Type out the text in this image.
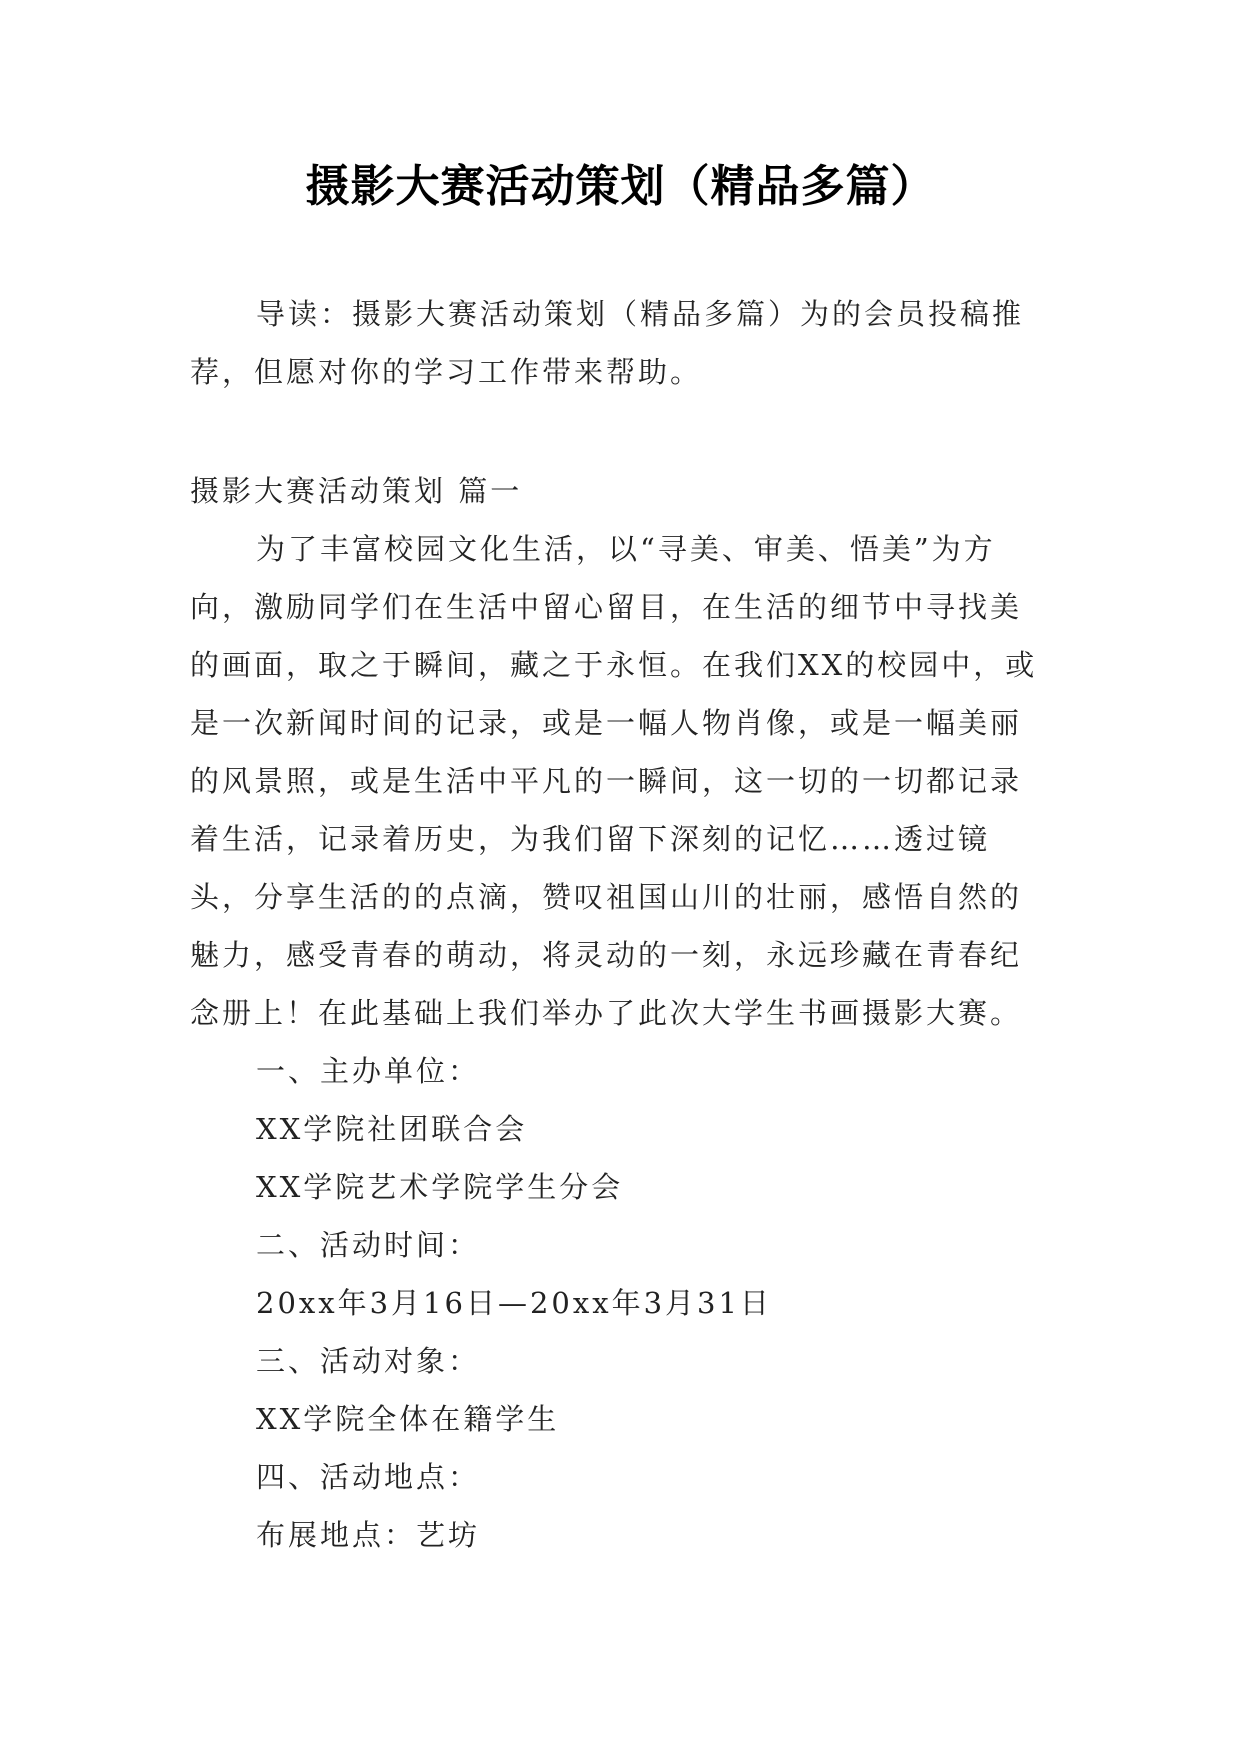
摄影大赛活动策划（精品多篇）

导读：摄影大赛活动策划（精品多篇）为的会员投稿推荐，但愿对你的学习工作带来帮助。

摄影大赛活动策划 篇一

为了丰富校园文化生活，以“寻美、审美、悟美”为方向，激励同学们在生活中留心留目，在生活的细节中寻找美的画面，取之于瞬间，藏之于永恒。在我们XX的校园中，或是一次新闻时间的记录，或是一幅人物肖像，或是一幅美丽的风景照，或是生活中平凡的一瞬间，这一切的一切都记录着生活，记录着历史，为我们留下深刻的记忆……透过镜头，分享生活的的点滴，赞叹祖国山川的壮丽，感悟自然的魅力，感受青春的萌动，将灵动的一刻，永远珍藏在青春纪念册上！在此基础上我们举办了此次大学生书画摄影大赛。

一、主办单位：

XX学院社团联合会

XX学院艺术学院学生分会

二、活动时间：

20xx年3月16日—20xx年3月31日

三、活动对象：

XX学院全体在籍学生

四、活动地点：

布展地点：艺坊
